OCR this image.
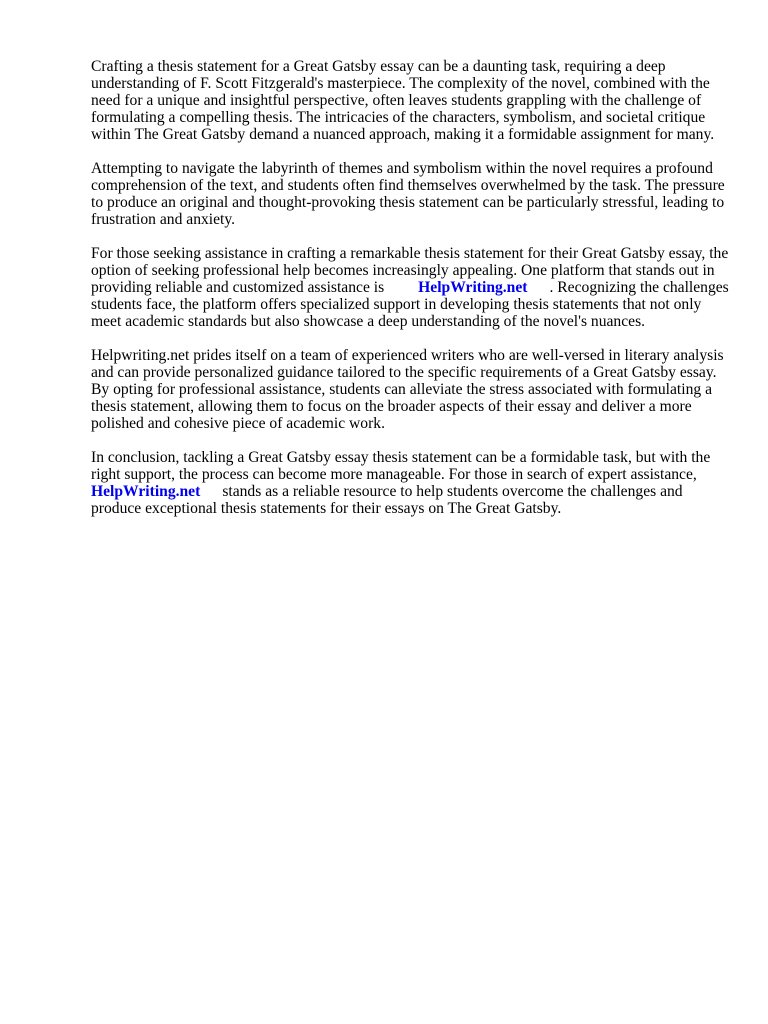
Crafting a thesis statement for a Great Gatsby essay can be a daunting task, requiring a deep understanding of F. Scott Fitzgerald's masterpiece. The complexity of the novel, combined with the need for a unique and insightful perspective, often leaves students grappling with the challenge of formulating a compelling thesis. The intricacies of the characters, symbolism, and societal critique within The Great Gatsby demand a nuanced approach, making it a formidable assignment for many.

Attempting to navigate the labyrinth of themes and symbolism within the novel requires a profound comprehension of the text, and students often find themselves overwhelmed by the task. The pressure to produce an original and thought-provoking thesis statement can be particularly stressful, leading to frustration and anxiety.

For those seeking assistance in crafting a remarkable thesis statement for their Great Gatsby essay, the option of seeking professional help becomes increasingly appealing. One platform that stands out in providing reliable and customized assistance is HelpWriting.net . Recognizing the challenges students face, the platform offers specialized support in developing thesis statements that not only meet academic standards but also showcase a deep understanding of the novel's nuances.

Helpwriting.net prides itself on a team of experienced writers who are well-versed in literary analysis and can provide personalized guidance tailored to the specific requirements of a Great Gatsby essay. By opting for professional assistance, students can alleviate the stress associated with formulating a thesis statement, allowing them to focus on the broader aspects of their essay and deliver a more polished and cohesive piece of academic work.

In conclusion, tackling a Great Gatsby essay thesis statement can be a formidable task, but with the right support, the process can become more manageable. For those in search of expert assistance, HelpWriting.net stands as a reliable resource to help students overcome the challenges and produce exceptional thesis statements for their essays on The Great Gatsby.
